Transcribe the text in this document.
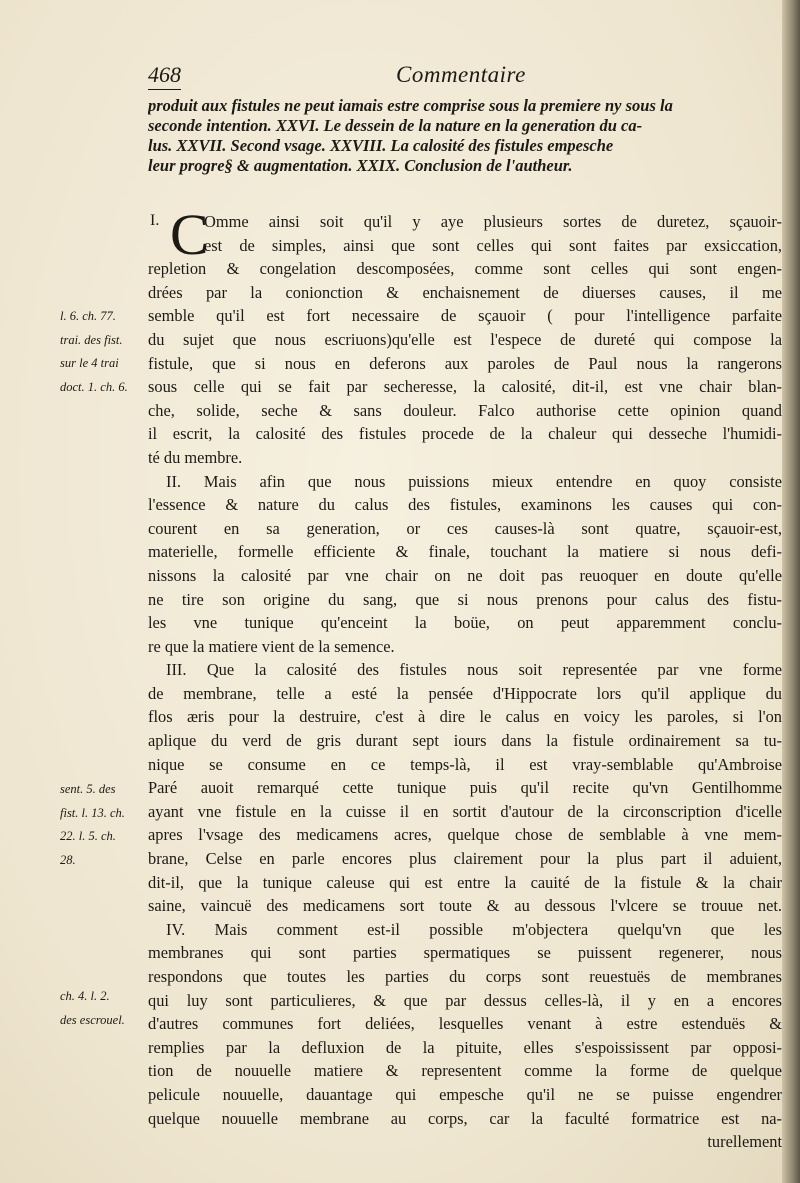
468	Commentaire
produit aux fistules ne peut iamais estre comprise sous la premiere ny sous la
seconde intention. XXVI. Le dessein de la nature en la generation du ca-
lus. XXVII. Second vsage. XXVIII. La calosité des fistules empesche
leur progre§ & augmentation. XXIX. Conclusion de l'autheur.
I. C
Omme ainsi soit qu'il y aye plusieurs sortes de duretez, sçauoir-
est de simples, ainsi que sont celles qui sont faites par exsiccation,
repletion & congelation descomposées, comme sont celles qui sont engen-
drées par la conionction & enchaisnement de diuerses causes, il me
semble qu'il est fort necessaire de sçauoir ( pour l'intelligence parfaite
du sujet que nous escriuons)qu'elle est l'espece de dureté qui compose la
fistule, que si nous en deferons aux paroles de Paul nous la rangerons
sous celle qui se fait par secheresse, la calosité, dit-il, est vne chair blan-
che, solide, seche & sans douleur. Falco authorise cette opinion quand
il escrit, la calosité des fistules procede de la chaleur qui desseche l'humidi-
té du membre.
II. Mais afin que nous puissions mieux entendre en quoy consiste
l'essence & nature du calus des fistules, examinons les causes qui con-
courent en sa generation, or ces causes-là sont quatre, sçauoir-est,
materielle, formelle efficiente & finale, touchant la matiere si nous defi-
nissons la calosité par vne chair on ne doit pas reuoquer en doute qu'elle
ne tire son origine du sang, que si nous prenons pour calus des fistu-
les vne tunique qu'enceint la boüe, on peut apparemment conclu-
re que la matiere vient de la semence.
III. Que la calosité des fistules nous soit representée par vne forme
de membrane, telle a esté la pensée d'Hippocrate lors qu'il applique du
flos æris pour la destruire, c'est à dire le calus en voicy les paroles, si l'on
aplique du verd de gris durant sept iours dans la fistule ordinairement sa tu-
nique se consume en ce temps-là, il est vray-semblable qu'Ambroise
Paré auoit remarqué cette tunique puis qu'il recite qu'vn Gentilhomme
ayant vne fistule en la cuisse il en sortit d'autour de la circonscription d'icelle
apres l'vsage des medicamens acres, quelque chose de semblable à vne mem-
brane, Celse en parle encores plus clairement pour la plus part il aduient,
dit-il, que la tunique caleuse qui est entre la cauité de la fistule & la chair
saine, vaincuë des medicamens sort toute & au dessous l'vlcere se trouue net.
IV. Mais comment est-il possible m'objectera quelqu'vn que les
membranes qui sont parties spermatiques se puissent regenerer, nous
respondons que toutes les parties du corps sont reuestuës de membranes
qui luy sont particulieres, & que par dessus celles-là, il y en a encores
d'autres communes fort deliées, lesquelles venant à estre estenduës &
remplies par la defluxion de la pituite, elles s'espoississent par opposi-
tion de nouuelle matiere & representent comme la forme de quelque
pelicule nouuelle, dauantage qui empesche qu'il ne se puisse engendrer
quelque nouuelle membrane au corps, car la faculté formatrice est na-
turellement
l. 6. ch. 77.
trai. des fist.
sur le 4 trai
doct. 1. ch. 6.
sent. 5. des
fist. l. 13. ch.
22. l. 5. ch.
28.
ch. 4. l. 2.
des escrouel.
